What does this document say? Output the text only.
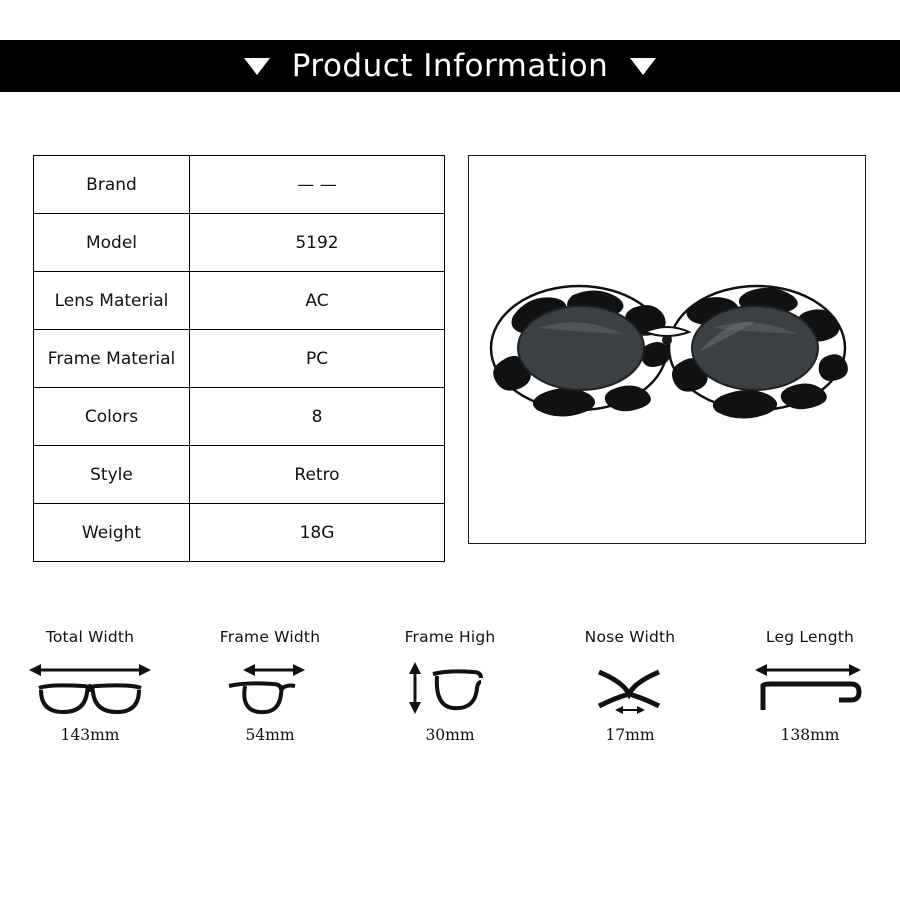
Product Information
Brand	— —
Model	5192
Lens Material	AC
Frame Material	PC
Colors	8
Style	Retro
Weight	18G
Total Width
143mm
Frame Width
54mm
Frame High
30mm
Nose Width
17mm
Leg Length
138mm
